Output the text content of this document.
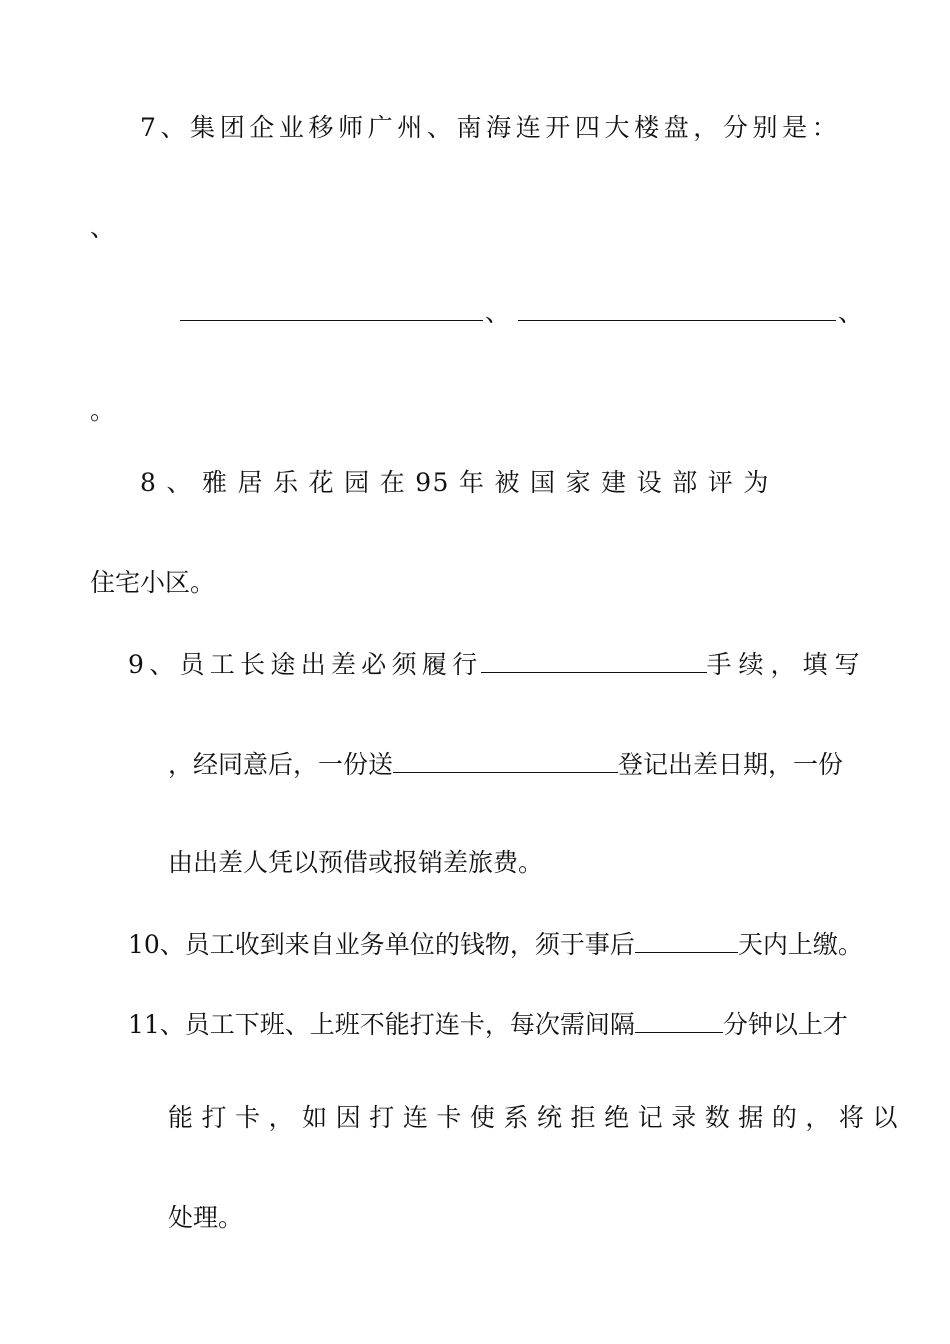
7、集团企业移师广州、南海连开四大楼盘，分别是：
、
、	、
。
8 、 雅 居 乐 花 园 在 95 年 被 国 家 建 设 部 评 为
住宅小区。
9、员工长途出差必须履行	手续，填写
，经同意后，一份送	登记出差日期，一份
由出差人凭以预借或报销差旅费。
10、员工收到来自业务单位的钱物，须于事后	天内上缴。
11、员工下班、上班不能打连卡，每次需间隔	分钟以上才
能 打 卡 ， 如 因 打 连 卡 使 系 统 拒 绝 记 录 数 据 的 ， 将 以
处理。
